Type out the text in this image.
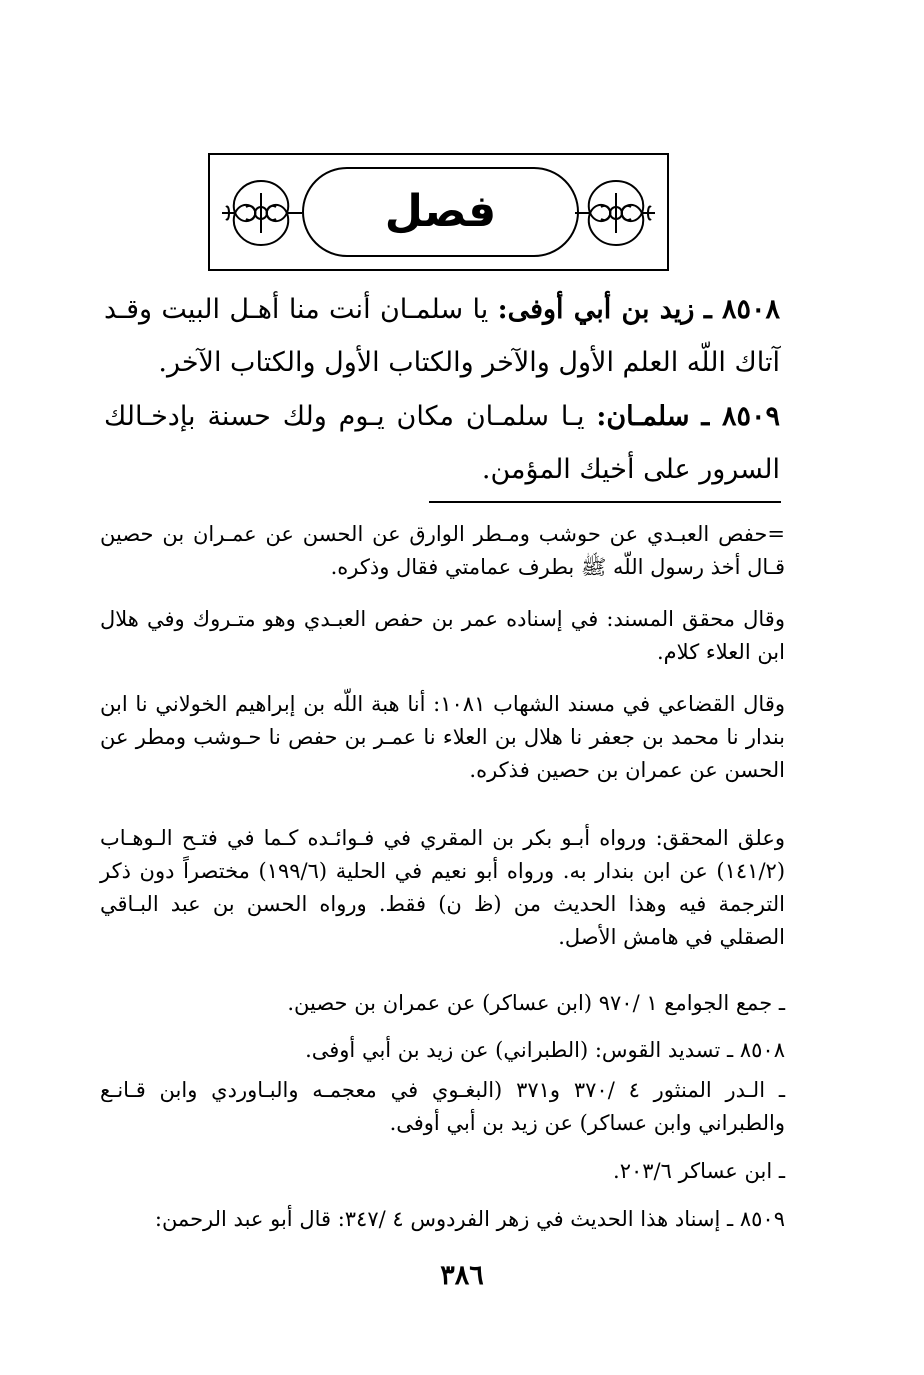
فصل
٨٥٠٨ ـ زيد بن أبي أوفى: يا سلمـان أنت منا أهـل البيت وقـد آتاك اللّه العلم الأول والآخر والكتاب الأول والكتاب الآخر.
٨٥٠٩ ـ سلمـان: يـا سلمـان مكان يـوم ولك حسنة بإدخـالك السرور على أخيك المؤمن.

=حفص العبـدي عن حوشب ومـطر الوارق عن الحسن عن عمـران بن حصين قـال أخذ رسول اللّه ﷺ بطرف عمامتي فقال وذكره.

وقال محقق المسند: في إسناده عمر بن حفص العبـدي وهو متـروك وفي هلال ابن العلاء كلام.

وقال القضاعي في مسند الشهاب ١٠٨١: أنا هبة اللّه بن إبراهيم الخولاني نا ابن بندار نا محمد بن جعفر نا هلال بن العلاء نا عمـر بن حفص نا حـوشب ومطر عن الحسن عن عمران بن حصين فذكره.

وعلق المحقق: ورواه أبـو بكر بن المقري في فـوائـده كـما في فتـح الـوهـاب (١٤١/٢) عن ابن بندار به. ورواه أبو نعيم في الحلية (١٩٩/٦) مختصراً دون ذكر الترجمة فيه وهذا الحديث من (ظ ن) فقط. ورواه الحسن بن عبد البـاقي الصقلي في هامش الأصل.

ـ جمع الجوامع ١ /٩٧٠ (ابن عساكر) عن عمران بن حصين.

٨٥٠٨ ـ تسديد القوس: (الطبراني) عن زيد بن أبي أوفى.

ـ الـدر المنثور ٤ /٣٧٠ و٣٧١ (البغـوي في معجمـه والبـاوردي وابن قـانـع والطبراني وابن عساكر) عن زيد بن أبي أوفى.

ـ ابن عساكر ٢٠٣/٦.

٨٥٠٩ ـ إسناد هذا الحديث في زهر الفردوس ٤ /٣٤٧: قال أبو عبد الرحمن:

٣٨٦
